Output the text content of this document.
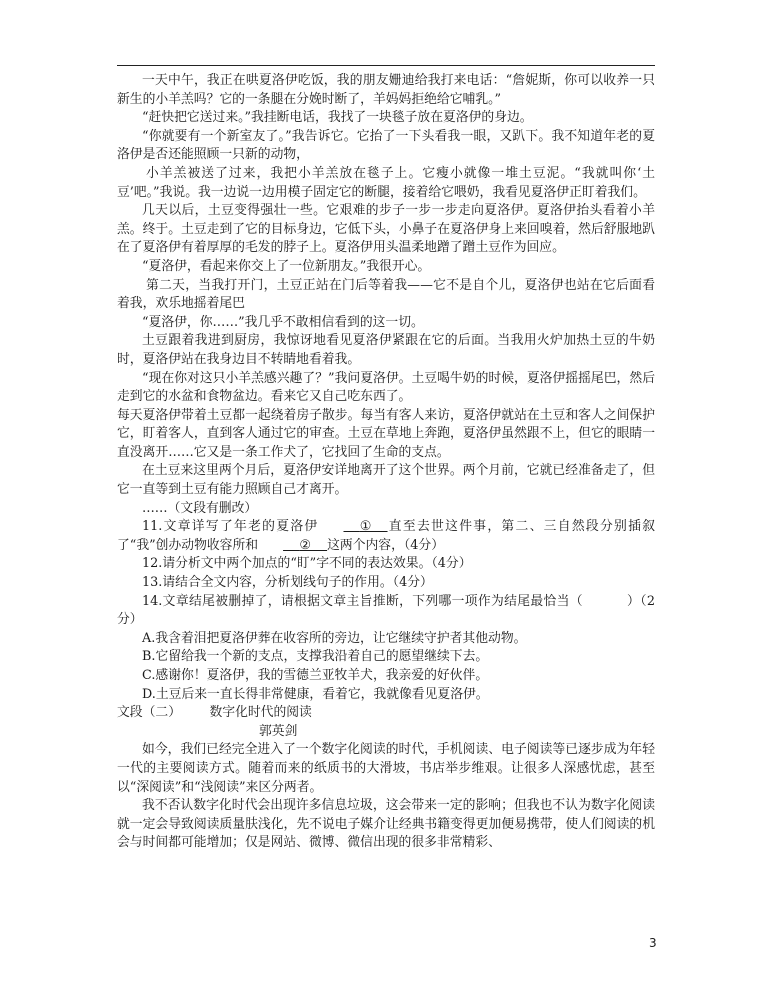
一天中午，我正在哄夏洛伊吃饭，我的朋友姗迪给我打来电话：“詹妮斯，你可以收养一只新生的小羊羔吗？它的一条腿在分娩时断了，羊妈妈拒绝给它哺乳。”

“赶快把它送过来。”我挂断电话，我找了一块毯子放在夏洛伊的身边。

“你就要有一个新室友了。”我告诉它。它抬了一下头看我一眼，又趴下。我不知道年老的夏洛伊是否还能照顾一只新的动物，

小羊羔被送了过来，我把小羊羔放在毯子上。它瘦小就像一堆土豆泥。“我就叫你‘土豆’吧。”我说。我一边说一边用模子固定它的断腿，接着给它喂奶，我看见夏洛伊正盯着我们。

几天以后，土豆变得强壮一些。它艰难的步子一步一步走向夏洛伊。夏洛伊抬头看着小羊羔。终于。土豆走到了它的目标身边，它低下头，小鼻子在夏洛伊身上来回嗅着，然后舒服地趴在了夏洛伊有着厚厚的毛发的脖子上。夏洛伊用头温柔地蹭了蹭土豆作为回应。

“夏洛伊，看起来你交上了一位新朋友。”我很开心。

第二天，当我打开门，土豆正站在门后等着我——它不是自个儿，夏洛伊也站在它后面看着我，欢乐地摇着尾巴

“夏洛伊，你……”我几乎不敢相信看到的这一切。

土豆跟着我进到厨房，我惊讶地看见夏洛伊紧跟在它的后面。当我用火炉加热土豆的牛奶时，夏洛伊站在我身边目不转睛地看着我。

“现在你对这只小羊羔感兴趣了？”我问夏洛伊。土豆喝牛奶的时候，夏洛伊摇摇尾巴，然后走到它的水盆和食物盆边。看来它又自己吃东西了。

每天夏洛伊带着土豆都一起绕着房子散步。每当有客人来访，夏洛伊就站在土豆和客人之间保护它，盯着客人，直到客人通过它的审查。土豆在草地上奔跑，夏洛伊虽然跟不上，但它的眼睛一直没离开……它又是一条工作犬了，它找回了生命的支点。

在土豆来这里两个月后，夏洛伊安详地离开了这个世界。两个月前，它就已经准备走了，但它一直等到土豆有能力照顾自己才离开。

……（文段有删改）

11.文章详写了年老的夏洛伊    ①    直至去世这件事，第二、三自然段分别插叙了“我”创办动物收容所和    ②    这两个内容，（4分）

12.请分析文中两个加点的“盯”字不同的表达效果。（4分）

13.请结合全文内容，分析划线句子的作用。（4分）

14.文章结尾被删掉了，请根据文章主旨推断，下列哪一项作为结尾最恰当（          ）（2分）

A.我含着泪把夏洛伊葬在收容所的旁边，让它继续守护者其他动物。

B.它留给我一个新的支点，支撑我沿着自己的愿望继续下去。

C.感谢你！夏洛伊，我的雪德兰亚牧羊犬，我亲爱的好伙伴。

D.土豆后来一直长得非常健康，看着它，我就像看见夏洛伊。

文段（二） 数字化时代的阅读

郭英剑

如今，我们已经完全进入了一个数字化阅读的时代，手机阅读、电子阅读等已逐步成为年轻一代的主要阅读方式。随着而来的纸质书的大滑坡，书店举步维艰。让很多人深感忧虑，甚至以“深阅读”和“浅阅读”来区分两者。

我不否认数字化时代会出现许多信息垃圾，这会带来一定的影响；但我也不认为数字化阅读就一定会导致阅读质量肤浅化，先不说电子媒介让经典书籍变得更加便易携带，使人们阅读的机会与时间都可能增加；仅是网站、微博、微信出现的很多非常精彩、

3
